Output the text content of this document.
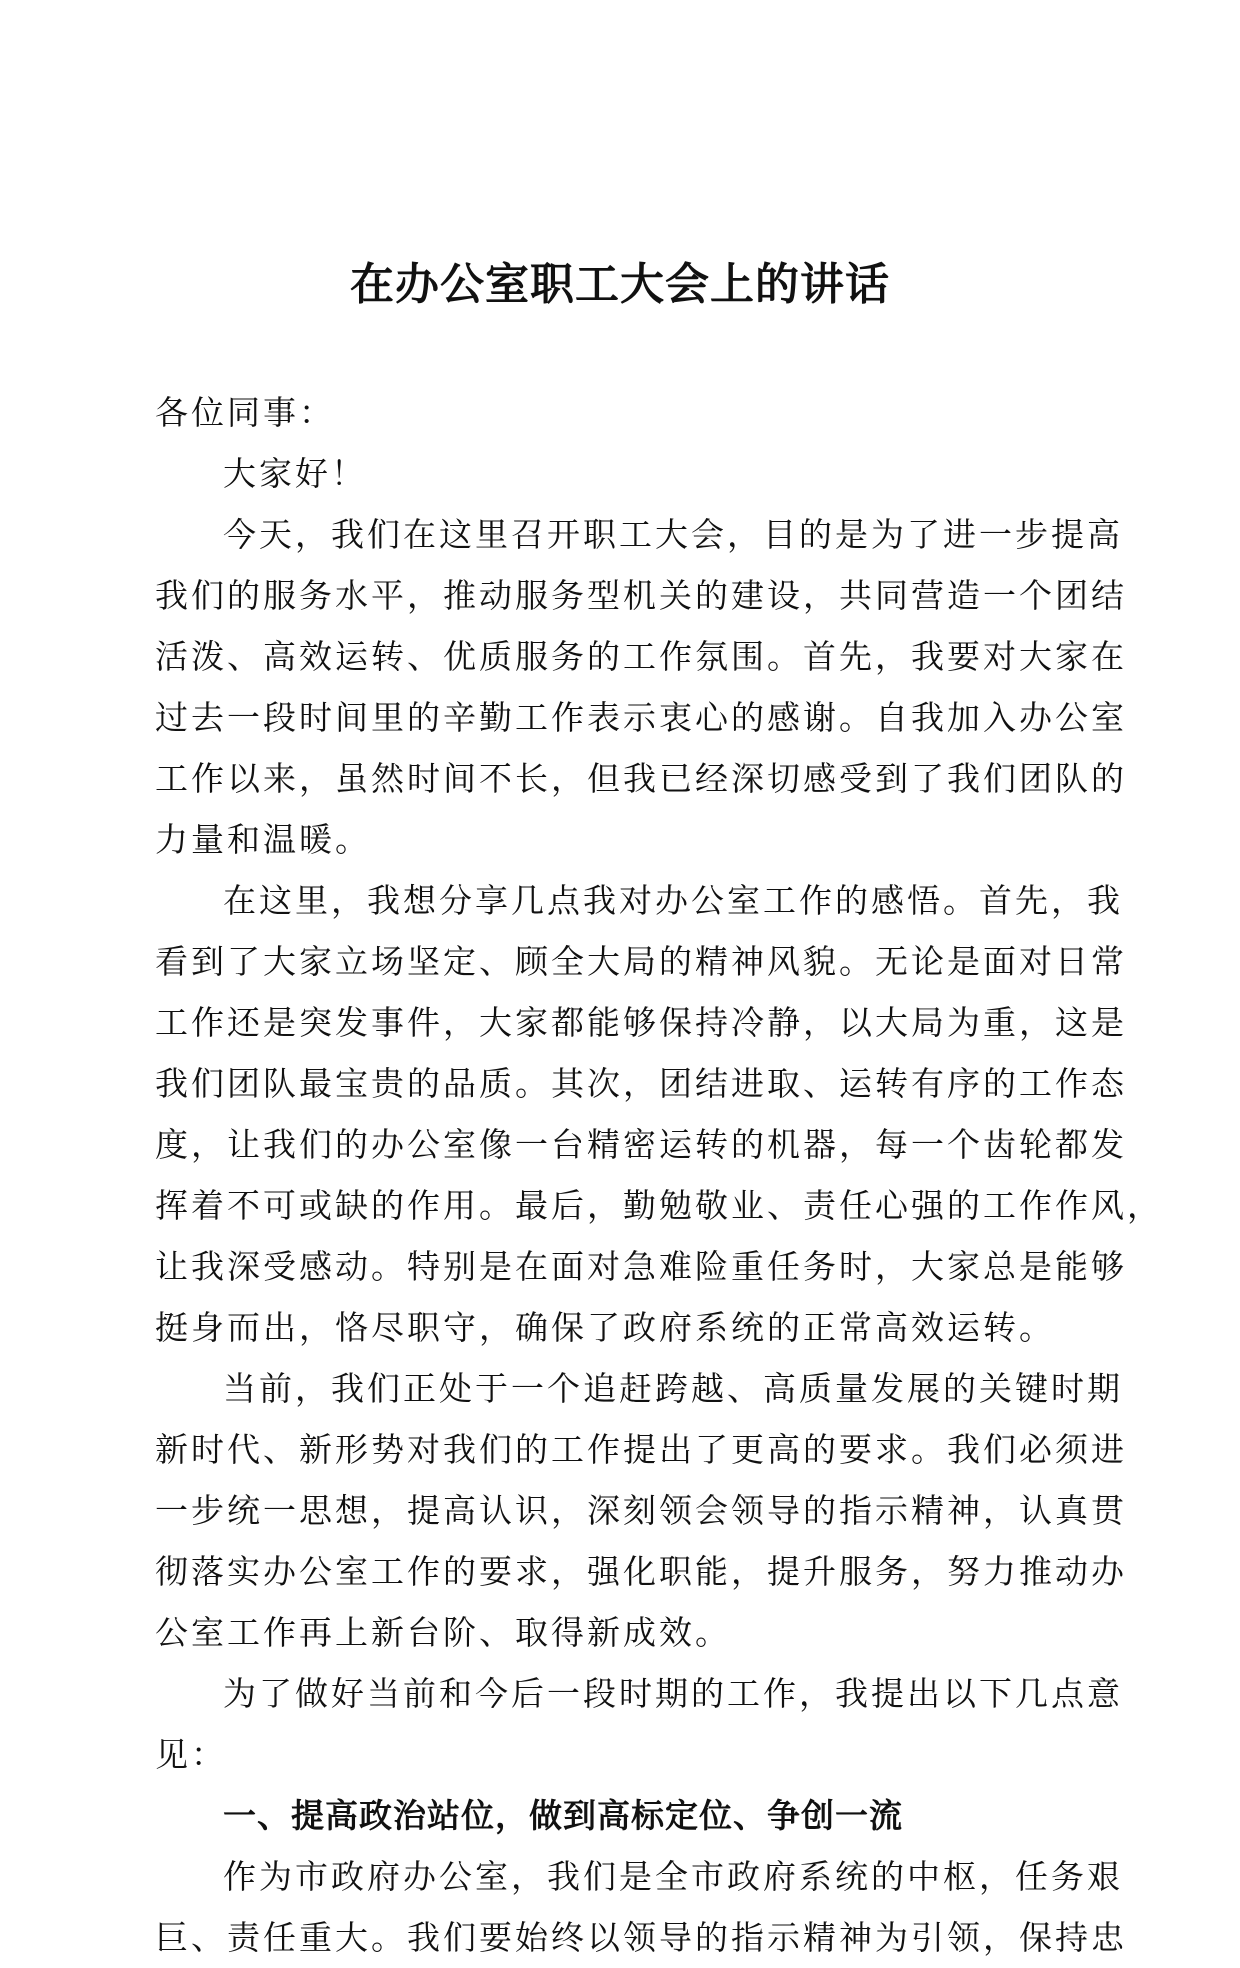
在办公室职工大会上的讲话

各位同事：

大家好！

今天，我们在这里召开职工大会，目的是为了进一步提高

我们的服务水平，推动服务型机关的建设，共同营造一个团结

活泼、高效运转、优质服务的工作氛围。首先，我要对大家在

过去一段时间里的辛勤工作表示衷心的感谢。自我加入办公室

工作以来，虽然时间不长，但我已经深切感受到了我们团队的

力量和温暖。

在这里，我想分享几点我对办公室工作的感悟。首先，我

看到了大家立场坚定、顾全大局的精神风貌。无论是面对日常

工作还是突发事件，大家都能够保持冷静，以大局为重，这是

我们团队最宝贵的品质。其次，团结进取、运转有序的工作态

度，让我们的办公室像一台精密运转的机器，每一个齿轮都发

挥着不可或缺的作用。最后，勤勉敬业、责任心强的工作作风，

让我深受感动。特别是在面对急难险重任务时，大家总是能够

挺身而出，恪尽职守，确保了政府系统的正常高效运转。

当前，我们正处于一个追赶跨越、高质量发展的关键时期

新时代、新形势对我们的工作提出了更高的要求。我们必须进

一步统一思想，提高认识，深刻领会领导的指示精神，认真贯

彻落实办公室工作的要求，强化职能，提升服务，努力推动办

公室工作再上新台阶、取得新成效。

为了做好当前和今后一段时期的工作，我提出以下几点意

见：

一、提高政治站位，做到高标定位、争创一流

作为市政府办公室，我们是全市政府系统的中枢，任务艰

巨、责任重大。我们要始终以领导的指示精神为引领，保持忠
